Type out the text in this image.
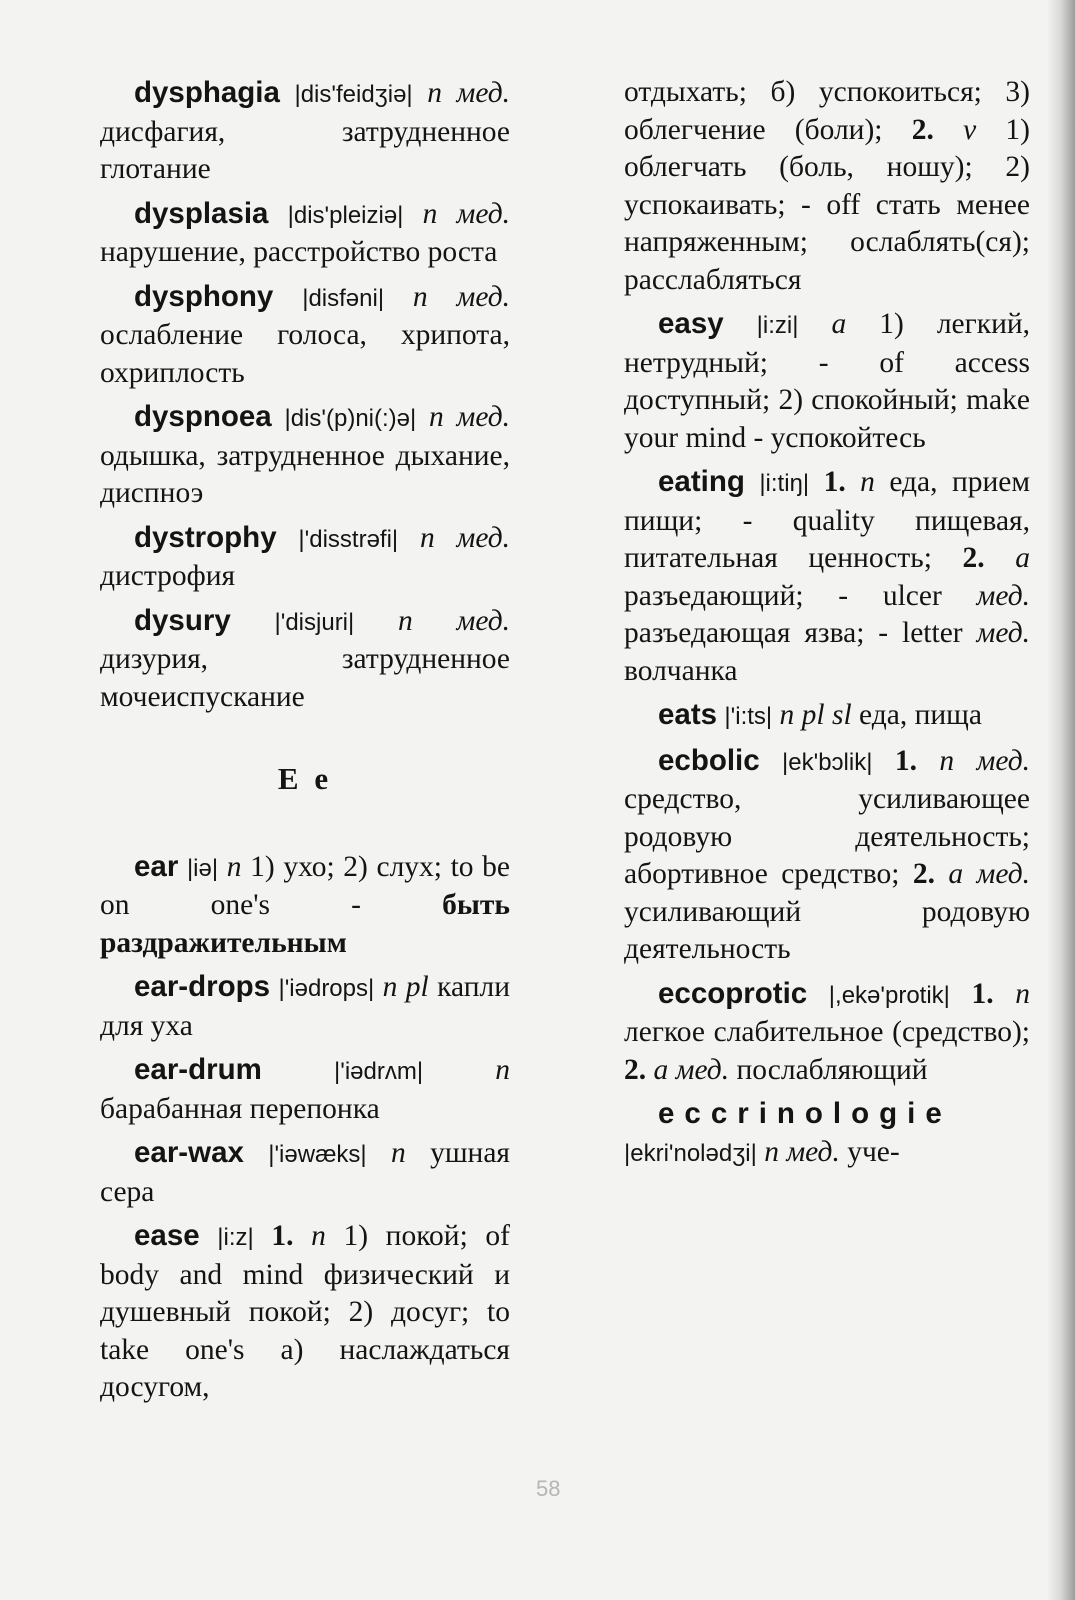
dysphagia |dis'feidʒiə| n мед. дисфагия, затрудненное глотание

dysplasia |dis'pleiziə| n мед. нарушение, расстройство роста

dysphony |disfəni| n мед. ослабление голоса, хрипота, охриплость

dyspnoea |dis'(p)ni(:)ə| n мед. одышка, затрудненное дыхание, диспноэ

dystrophy |'disstrəfi| n мед. дистрофия

dysury |'disjuri| n мед. дизурия, затрудненное мочеиспускание

E e

ear |iə| n 1) ухо; 2) слух; to be on one's -	быть раздражительным

ear-drops |'iədrops| n pl капли для уха

ear-drum	|'iədrʌm| n барабанная перепонка

ear-wax |'iəwæks| n ушная сера

ease |i:z| 1. n 1) покой; of body and mind физический и душевный покой; 2) досуг; to take one's а) наслаждаться досугом,

отдыхать; б) успокоиться; 3) облегчение (боли); 2. v 1) облегчать (боль, ношу); 2) успокаивать; - off стать менее напряженным; ослаблять(ся); расслабляться

easy |i:zi| a 1) легкий, нетрудный; - of access доступный; 2) спокойный; make your mind - успокойтесь

eating |i:tiŋ| 1. n еда, прием пищи; - quality пищевая, питательная ценность; 2. a разъедающий; - ulcer мед. разъедающая язва; - letter мед. волчанка

eats |'i:ts| n pl sl еда, пища

ecbolic |ek'bɔlik| 1. n мед. средство, усиливающее родовую деятельность; абортивное средство; 2. a мед. усиливающий родовую деятельность

eccoprotic |,ekə'protik| 1. n легкое слабительное (средство); 2. a мед. послабляющий

eccrinologie |ekri'nolədʒi| n мед. уче-

58
